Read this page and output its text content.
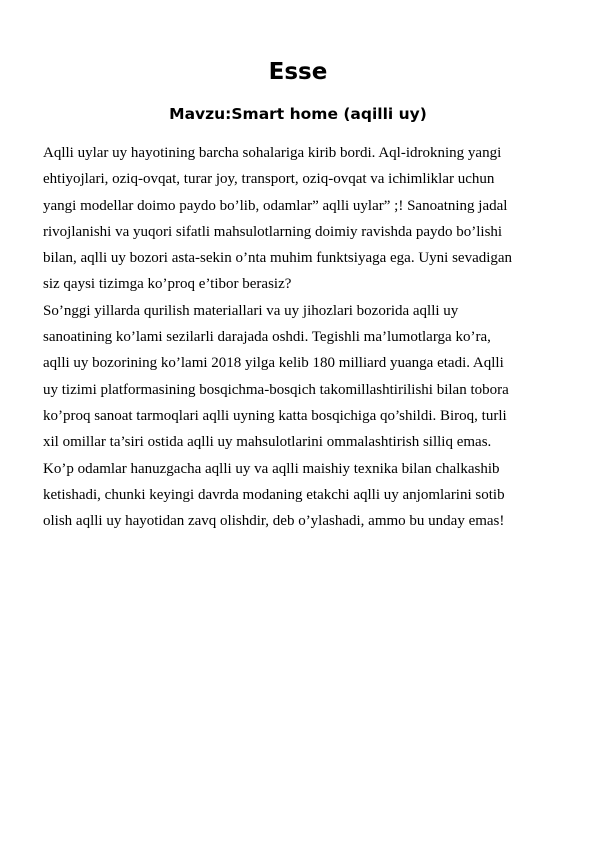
Esse
Mavzu:Smart home (aqilli uy)
Aqlli uylar uy hayotining barcha sohalariga kirib bordi. Aql-idrokning yangi
ehtiyojlari, oziq-ovqat, turar joy, transport, oziq-ovqat va ichimliklar uchun
yangi modellar doimo paydo bo’lib, odamlar” aqlli uylar” ;! Sanoatning jadal
rivojlanishi va yuqori sifatli mahsulotlarning doimiy ravishda paydo bo’lishi
bilan, aqlli uy bozori asta-sekin o’nta muhim funktsiyaga ega. Uyni sevadigan
siz qaysi tizimga ko’proq e’tibor berasiz?
So’nggi yillarda qurilish materiallari va uy jihozlari bozorida aqlli uy
sanoatining ko’lami sezilarli darajada oshdi. Tegishli ma’lumotlarga ko’ra,
aqlli uy bozorining ko’lami 2018 yilga kelib 180 milliard yuanga etadi. Aqlli
uy tizimi platformasining bosqichma-bosqich takomillashtirilishi bilan tobora
ko’proq sanoat tarmoqlari aqlli uyning katta bosqichiga qo’shildi. Biroq, turli
xil omillar ta’siri ostida aqlli uy mahsulotlarini ommalashtirish silliq emas.
Ko’p odamlar hanuzgacha aqlli uy va aqlli maishiy texnika bilan chalkashib
ketishadi, chunki keyingi davrda modaning etakchi aqlli uy anjomlarini sotib
olish aqlli uy hayotidan zavq olishdir, deb o’ylashadi, ammo bu unday emas!
